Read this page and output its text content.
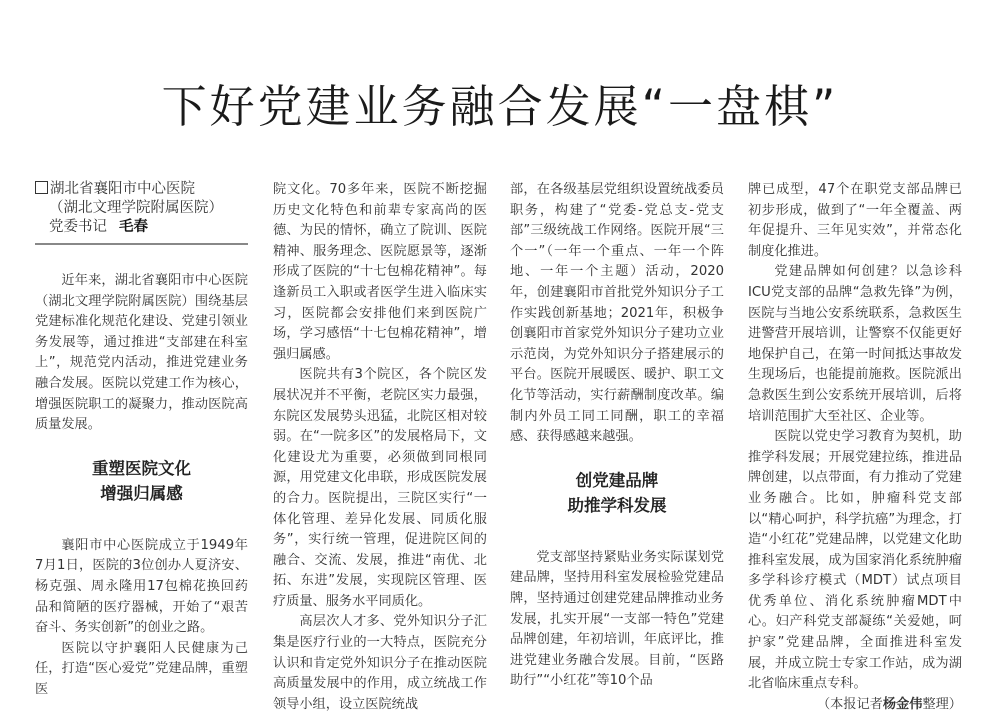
下好党建业务融合发展“一盘棋”
湖北省襄阳市中心医院
（湖北文理学院附属医院）
党委书记 毛春

近年来，湖北省襄阳市中心医院（湖北文理学院附属医院）围绕基层党建标准化规范化建设、党建引领业务发展等，通过推进“支部建在科室上”，规范党内活动，推进党建业务融合发展。医院以党建工作为核心，增强医院职工的凝聚力，推动医院高质量发展。

重塑医院文化
增强归属感

襄阳市中心医院成立于1949年7月1日，医院的3位创办人夏济安、杨克强、周永隆用17包棉花换回药品和简陋的医疗器械，开始了“艰苦奋斗、务实创新”的创业之路。

医院以守护襄阳人民健康为己任，打造“医心爱党”党建品牌，重塑医

院文化。70多年来，医院不断挖掘历史文化特色和前辈专家高尚的医德、为民的情怀，确立了院训、医院精神、服务理念、医院愿景等，逐渐形成了医院的“十七包棉花精神”。每逢新员工入职或者医学生进入临床实习，医院都会安排他们来到医院广场，学习感悟“十七包棉花精神”，增强归属感。

医院共有3个院区，各个院区发展状况并不平衡，老院区实力最强，东院区发展势头迅猛，北院区相对较弱。在“一院多区”的发展格局下，文化建设尤为重要，必须做到同根同源，用党建文化串联，形成医院发展的合力。医院提出，三院区实行“一体化管理、差异化发展、同质化服务”，实行统一管理，促进院区间的融合、交流、发展，推进“南优、北拓、东进”发展，实现院区管理、医疗质量、服务水平同质化。

高层次人才多、党外知识分子汇集是医疗行业的一大特点，医院充分认识和肯定党外知识分子在推动医院高质量发展中的作用，成立统战工作领导小组，设立医院统战

部，在各级基层党组织设置统战委员职务，构建了“党委-党总支-党支部”三级统战工作网络。医院开展“三个一”（一年一个重点、一年一个阵地、一年一个主题）活动，2020年，创建襄阳市首批党外知识分子工作实践创新基地；2021年，积极争创襄阳市首家党外知识分子建功立业示范岗，为党外知识分子搭建展示的平台。医院开展暖医、暖护、职工文化节等活动，实行薪酬制度改革。编制内外员工同工同酬，职工的幸福感、获得感越来越强。

创党建品牌
助推学科发展

党支部坚持紧贴业务实际谋划党建品牌，坚持用科室发展检验党建品牌，坚持通过创建党建品牌推动业务发展，扎实开展“一支部一特色”党建品牌创建，年初培训，年底评比，推进党建业务融合发展。目前，“医路助行”“小红花”等10个品

牌已成型，47个在职党支部品牌已初步形成，做到了“一年全覆盖、两年促提升、三年见实效”，并常态化制度化推进。

党建品牌如何创建？以急诊科ICU党支部的品牌“急救先锋”为例，医院与当地公安系统联系，急救医生进警营开展培训，让警察不仅能更好地保护自己，在第一时间抵达事故发生现场后，也能提前施救。医院派出急救医生到公安系统开展培训，后将培训范围扩大至社区、企业等。

医院以党史学习教育为契机，助推学科发展；开展党建拉练，推进品牌创建，以点带面，有力推动了党建业务融合。比如，肿瘤科党支部以“精心呵护，科学抗癌”为理念，打造“小红花”党建品牌，以党建文化助推科室发展，成为国家消化系统肿瘤多学科诊疗模式（MDT）试点项目优秀单位、消化系统肿瘤MDT中心。妇产科党支部凝练“关爱她，呵护家”党建品牌，全面推进科室发展，并成立院士专家工作站，成为湖北省临床重点专科。

（本报记者杨金伟整理）
